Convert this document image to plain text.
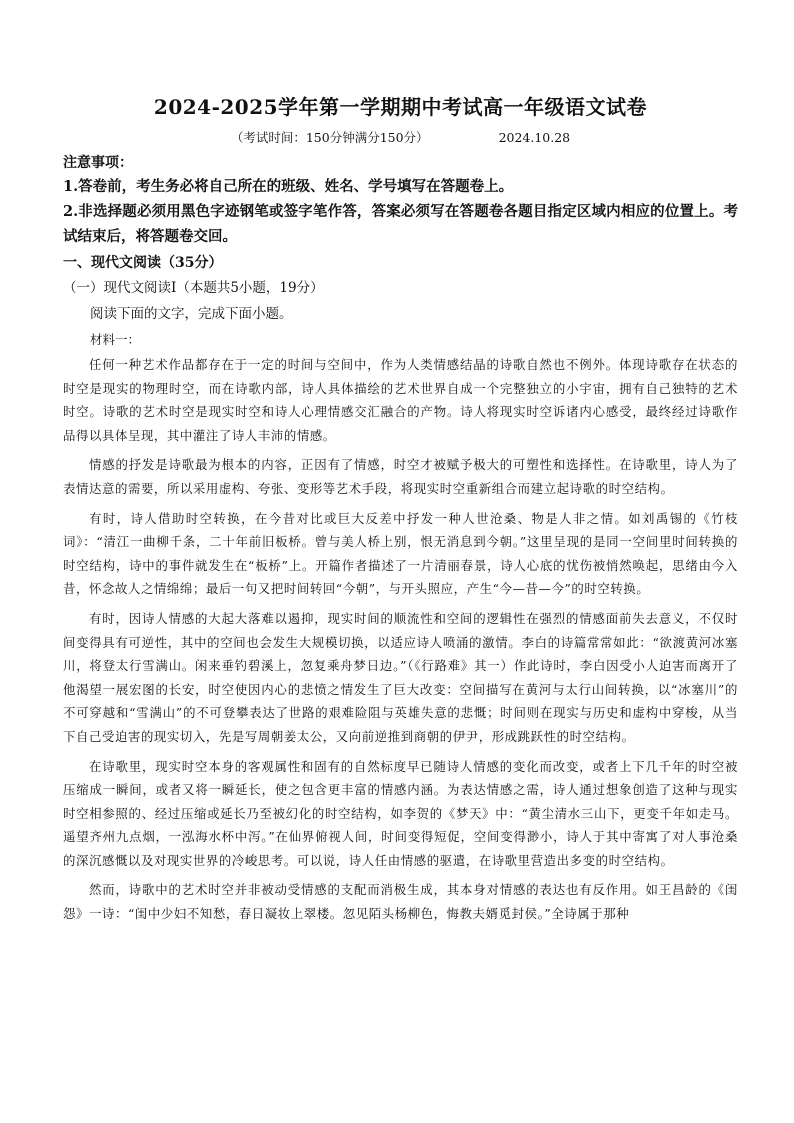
2024-2025学年第一学期期中考试高一年级语文试卷
（考试时间：150分钟满分150分）	2024.10.28
注意事项：

1.答卷前，考生务必将自己所在的班级、姓名、学号填写在答题卷上。

2.非选择题必须用黑色字迹钢笔或签字笔作答，答案必须写在答题卷各题目指定区域内相应的位置上。考试结束后，将答题卷交回。

一、现代文阅读（35分）
（一）现代文阅读Ⅰ（本题共5小题，19分）
阅读下面的文字，完成下面小题。
材料一：

任何一种艺术作品都存在于一定的时间与空间中，作为人类情感结晶的诗歌自然也不例外。体现诗歌存在状态的时空是现实的物理时空，而在诗歌内部，诗人具体描绘的艺术世界自成一个完整独立的小宇宙，拥有自己独特的艺术时空。诗歌的艺术时空是现实时空和诗人心理情感交汇融合的产物。诗人将现实时空诉诸内心感受，最终经过诗歌作品得以具体呈现，其中灌注了诗人丰沛的情感。

情感的抒发是诗歌最为根本的内容，正因有了情感，时空才被赋予极大的可塑性和选择性。在诗歌里，诗人为了表情达意的需要，所以采用虚构、夸张、变形等艺术手段，将现实时空重新组合而建立起诗歌的时空结构。

有时，诗人借助时空转换，在今昔对比或巨大反差中抒发一种人世沧桑、物是人非之情。如刘禹锡的《竹枝词》：“清江一曲柳千条，二十年前旧板桥。曾与美人桥上别，恨无消息到今朝。”这里呈现的是同一空间里时间转换的时空结构，诗中的事件就发生在“板桥”上。开篇作者描述了一片清丽春景，诗人心底的忧伤被悄然唤起，思绪由今入昔，怀念故人之情绵绵；最后一句又把时间转回“今朝”，与开头照应，产生“今—昔—今”的时空转换。

有时，因诗人情感的大起大落难以遏抑，现实时间的顺流性和空间的逻辑性在强烈的情感面前失去意义，不仅时间变得具有可逆性，其中的空间也会发生大规模切换，以适应诗人喷涌的激情。李白的诗篇常常如此：“欲渡黄河冰塞川，将登太行雪满山。闲来垂钓碧溪上，忽复乘舟梦日边。”（《行路难》其一）作此诗时，李白因受小人迫害而离开了他渴望一展宏图的长安，时空使因内心的悲愤之情发生了巨大改变：空间描写在黄河与太行山间转换，以“冰塞川”的不可穿越和“雪满山”的不可登攀表达了世路的艰难险阻与英雄失意的悲慨；时间则在现实与历史和虚构中穿梭，从当下自己受迫害的现实切入，先是写周朝姜太公，又向前逆推到商朝的伊尹，形成跳跃性的时空结构。

在诗歌里，现实时空本身的客观属性和固有的自然标度早已随诗人情感的变化而改变，或者上下几千年的时空被压缩成一瞬间，或者又将一瞬延长，使之包含更丰富的情感内涵。为表达情感之需，诗人通过想象创造了这种与现实时空相参照的、经过压缩或延长乃至被幻化的时空结构，如李贺的《梦天》中：“黄尘清水三山下，更变千年如走马。遥望齐州九点烟，一泓海水杯中泻。”在仙界俯视人间，时间变得短促，空间变得渺小，诗人于其中寄寓了对人事沧桑的深沉感慨以及对现实世界的冷峻思考。可以说，诗人任由情感的驱遣，在诗歌里营造出多变的时空结构。

然而，诗歌中的艺术时空并非被动受情感的支配而消极生成，其本身对情感的表达也有反作用。如王昌龄的《闺怨》一诗：“闺中少妇不知愁，春日凝妆上翠楼。忽见陌头杨柳色，悔教夫婿觅封侯。”全诗属于那种
